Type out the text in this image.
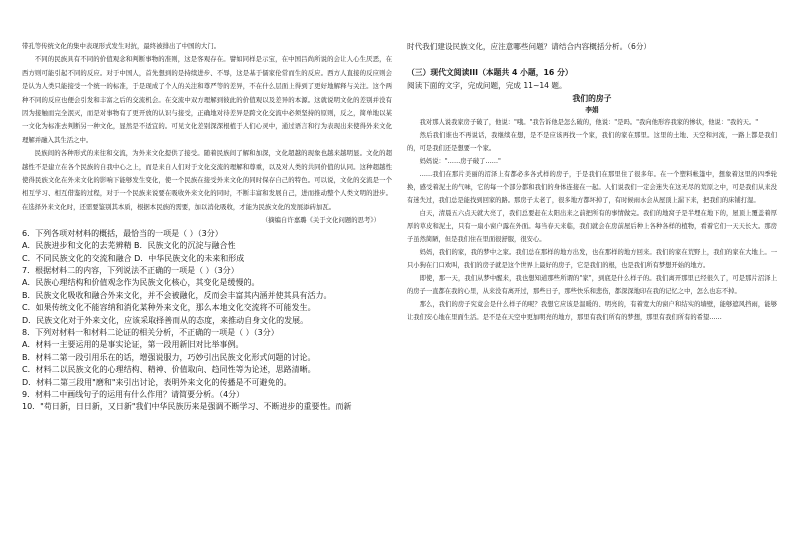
带孔等传统文化的集中表现形式发生对抗，最终被排出了中国的大门。

不同的民族具有不同的价值观念和判断事物的准则，这是客观存在。譬如同样是示宝，在中国吕尚所说的会让人心生厌恶，在西方则可能引起不同的反应。对于中国人，首先想到的是持续进步、不辱，这是基于儒家伦常而生的反应。西方人直接的反应则会是认为人类只能接受一个统一的标准，于是现成了个人的关注和尊严等的差异，不在什么层面上得到了更好地解释与关注。这个两种不同的反应也便会引发和丰富之后的交流机会。在交流中双方理解到彼此的价值观以及差异的本源。这就说明文化的差别并没有因为接触而完全泯灭，而是对事物有了更开放的认识与接受，正确地对待差异是跨文化交流中必须坚持的原则，反之，简单地以某一文化为标准去判断另一种文化，显然是不适宜的。可见文化差别深深根植于人们心灵中，通过语言和行为表现出来使得外来文化理解并融入其生活之中。

民族间的各种形式的来往和交流，为外来文化提供了接受。随着民族间了解和加深，文化超越的现象也越来越明显。文化的超越性不是建立在各个民族的自我中心之上，而是来自人们对于文化交流的理解和尊重，以及对人类的共同价值的认同。这种超越性使得民族文化在外来文化的影响下能够发生变化，使一个民族在接受外来文化的同时保存自己的特色。可以说，文化的交流是一个相互学习、相互借鉴的过程，对于一个民族来说要在吸收外来文化的同时，不断丰富和发展自己，进而推动整个人类文明的进步。在选择外来文化时，还需要鉴别其本质，根据本民族的需要，加以消化吸收，才能为民族文化的发展添砖加瓦。

（摘编自许嘉璐《关于文化问题的思考》）

6．下列各项对材料的概括，最恰当的一项是（ ）（3分）

A．民族进步和文化的去芜辨精 B．民族文化的沉淀与融合性

C．不同民族文化的交流和融合 D．中华民族文化的未来和形成

7．根据材料二的内容，下列说法不正确的一项是（ ）（3分）

A．民族心理结构和价值观念作为民族文化核心，其变化是缓慢的。

B．民族文化吸收和融合外来文化，并不会被融化，反而会丰富其内涵并使其具有活力。

C．如果传统文化不能容纳和消化某种外来文化，那么本地文化交流将不可能发生。

D．民族文化对于外来文化，应该采取择善而从的态度，来推动自身文化的发展。

8．下列对材料一和材料二论证的相关分析，不正确的一项是（ ）（3分）

A．材料一主要运用的是事实论证，第一段用新旧对比举事例。

B．材料二第一段引用乐在的话，增强说服力，巧妙引出民族文化形式问题的讨论。

C．材料二以民族文化的心理结构、精神、价值取向、趋同性等为论述，思路清晰。

D．材料二第三段用"磨和"来引出讨论，表明外来文化的传播是不可避免的。

9．材料二中画线句子的运用有什么作用？请简要分析。（4分）

10．"苟日新，日日新，又日新"我们中华民族历来是强调不断学习、不断进步的重要性。而新

时代我们建设民族文化，应注意哪些问题？请结合内容概括分析。（6分）

（三）现代文阅读III（本题共 4 小题，16 分）

阅读下面的文字，完成问题，完成 11~14 题。

我们的房子

李娟

我对那人说我家房子破了，他说："哦。"我告诉他是怎么破的，他说："是吗。"我向他形容我家的惨状，他说："我的天。"

然后我们谁也不再说话，我继续在想，是不是应该再找一个家，我们的家在那里。这里的土地、天空和河流，一路上都是我们的，可是我们还是想要一个家。

妈妈说："……房子破了……"

……我们在那片美丽的沼泽上有都必多各式样的房子，于是我们在那里住了很多年。在一个塑料帐篷中，想象着这里的四季轮换，感受着泥土的气味，它的每一个部分都和我们的身体连接在一起。人们说我们一定会迷失在这无尽的荒原之中，可是我们从来没有迷失过，我们总是能找到回家的路。那房子太老了，很多地方都坏掉了，有时候雨水会从屋顶上漏下来，把我们的床铺打湿。

白天，清晨五六点天就大亮了，我们总要赶在太阳出来之前把所有的事情做完。我们的地窝子是半埋在地下的，屋顶上覆盖着厚厚的草皮和泥土，只有一扇小窗户露在外面。每当春天来临，我们就会在房前屋后种上各种各样的植物，看着它们一天天长大。那房子虽然简陋，但是我们住在里面很舒服，很安心。

妈妈，我们的家，我的梦中之家。我们总在那样的地方出发，也在那样的地方回来。我们的家在荒野上，我们的家在大地上。一只小狗在门口欢叫，我们的房子就是这个世界上最好的房子，它是我们的根，也是我们所有梦想开始的地方。

即使，那一天，我们从梦中醒来，我也想知道那些所谓的"家"，到底是什么样子的。我们离开那里已经很久了，可是那片沼泽上的房子一直都在我的心里，从来没有离开过，那些日子，那些快乐和悲伤，都深深地印在我的记忆之中，怎么也忘不掉。

那么，我们的房子究竟会是什么样子的呢？我想它应该是温暖的、明亮的，有着宽大的窗户和结实的墙壁，能够遮风挡雨，能够让我们安心地在里面生活。是不是在天空中更加明亮的地方，那里有我们所有的梦想，那里有我们所有的希望……
